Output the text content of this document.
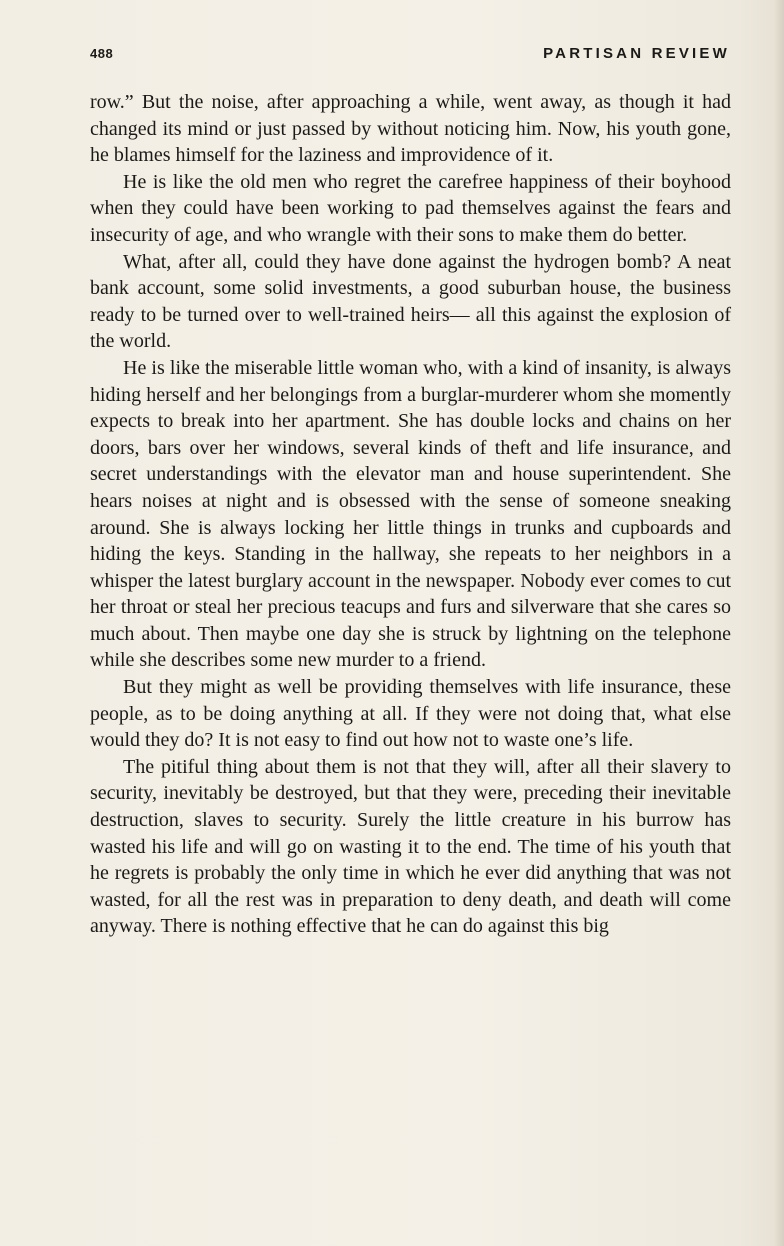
488	PARTISAN REVIEW

row.” But the noise, after approaching a while, went away, as though it had changed its mind or just passed by without noticing him. Now, his youth gone, he blames himself for the laziness and improvidence of it.

He is like the old men who regret the carefree happiness of their boyhood when they could have been working to pad themselves against the fears and insecurity of age, and who wrangle with their sons to make them do better.

What, after all, could they have done against the hydrogen bomb? A neat bank account, some solid investments, a good suburban house, the business ready to be turned over to well-trained heirs— all this against the explosion of the world.

He is like the miserable little woman who, with a kind of insanity, is always hiding herself and her belongings from a burglar-murderer whom she momently expects to break into her apartment. She has double locks and chains on her doors, bars over her windows, several kinds of theft and life insurance, and secret understandings with the elevator man and house superintendent. She hears noises at night and is obsessed with the sense of someone sneaking around. She is always locking her little things in trunks and cupboards and hiding the keys. Standing in the hallway, she repeats to her neighbors in a whisper the latest burglary account in the newspaper. Nobody ever comes to cut her throat or steal her precious teacups and furs and silverware that she cares so much about. Then maybe one day she is struck by lightning on the telephone while she describes some new murder to a friend.

But they might as well be providing themselves with life insurance, these people, as to be doing anything at all. If they were not doing that, what else would they do? It is not easy to find out how not to waste one’s life.

The pitiful thing about them is not that they will, after all their slavery to security, inevitably be destroyed, but that they were, preceding their inevitable destruction, slaves to security. Surely the little creature in his burrow has wasted his life and will go on wasting it to the end. The time of his youth that he regrets is probably the only time in which he ever did anything that was not wasted, for all the rest was in preparation to deny death, and death will come anyway. There is nothing effective that he can do against this big
